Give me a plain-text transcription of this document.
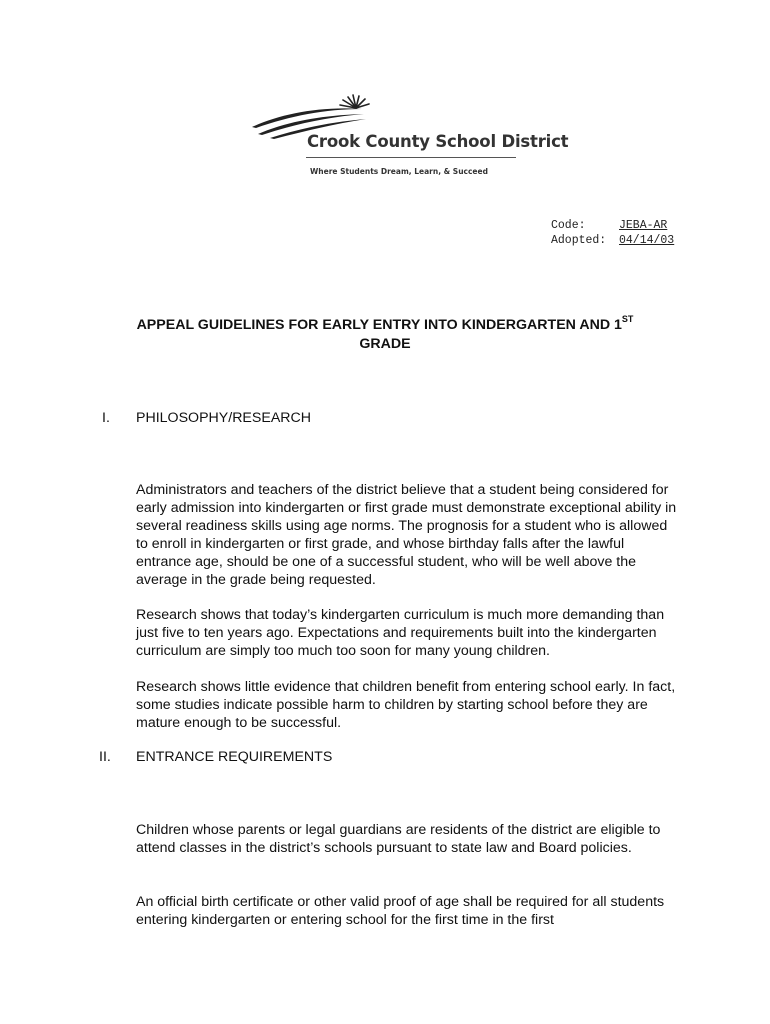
Crook County School District
Where Students Dream, Learn, & Succeed
Code:	JEBA-AR
Adopted:	04/14/03
APPEAL GUIDELINES FOR EARLY ENTRY INTO KINDERGARTEN AND 1ST
GRADE
I. PHILOSOPHY/RESEARCH

Administrators and teachers of the district believe that a student being considered for early admission into kindergarten or first grade must demonstrate exceptional ability in several readiness skills using age norms. The prognosis for a student who is allowed to enroll in kindergarten or first grade, and whose birthday falls after the lawful entrance age, should be one of a successful student, who will be well above the average in the grade being requested.

Research shows that today’s kindergarten curriculum is much more demanding than just five to ten years ago. Expectations and requirements built into the kindergarten curriculum are simply too much too soon for many young children.

Research shows little evidence that children benefit from entering school early. In fact, some studies indicate possible harm to children by starting school before they are mature enough to be successful.

II. ENTRANCE REQUIREMENTS

Children whose parents or legal guardians are residents of the district are eligible to attend classes in the district’s schools pursuant to state law and Board policies.

An official birth certificate or other valid proof of age shall be required for all students entering kindergarten or entering school for the first time in the first
